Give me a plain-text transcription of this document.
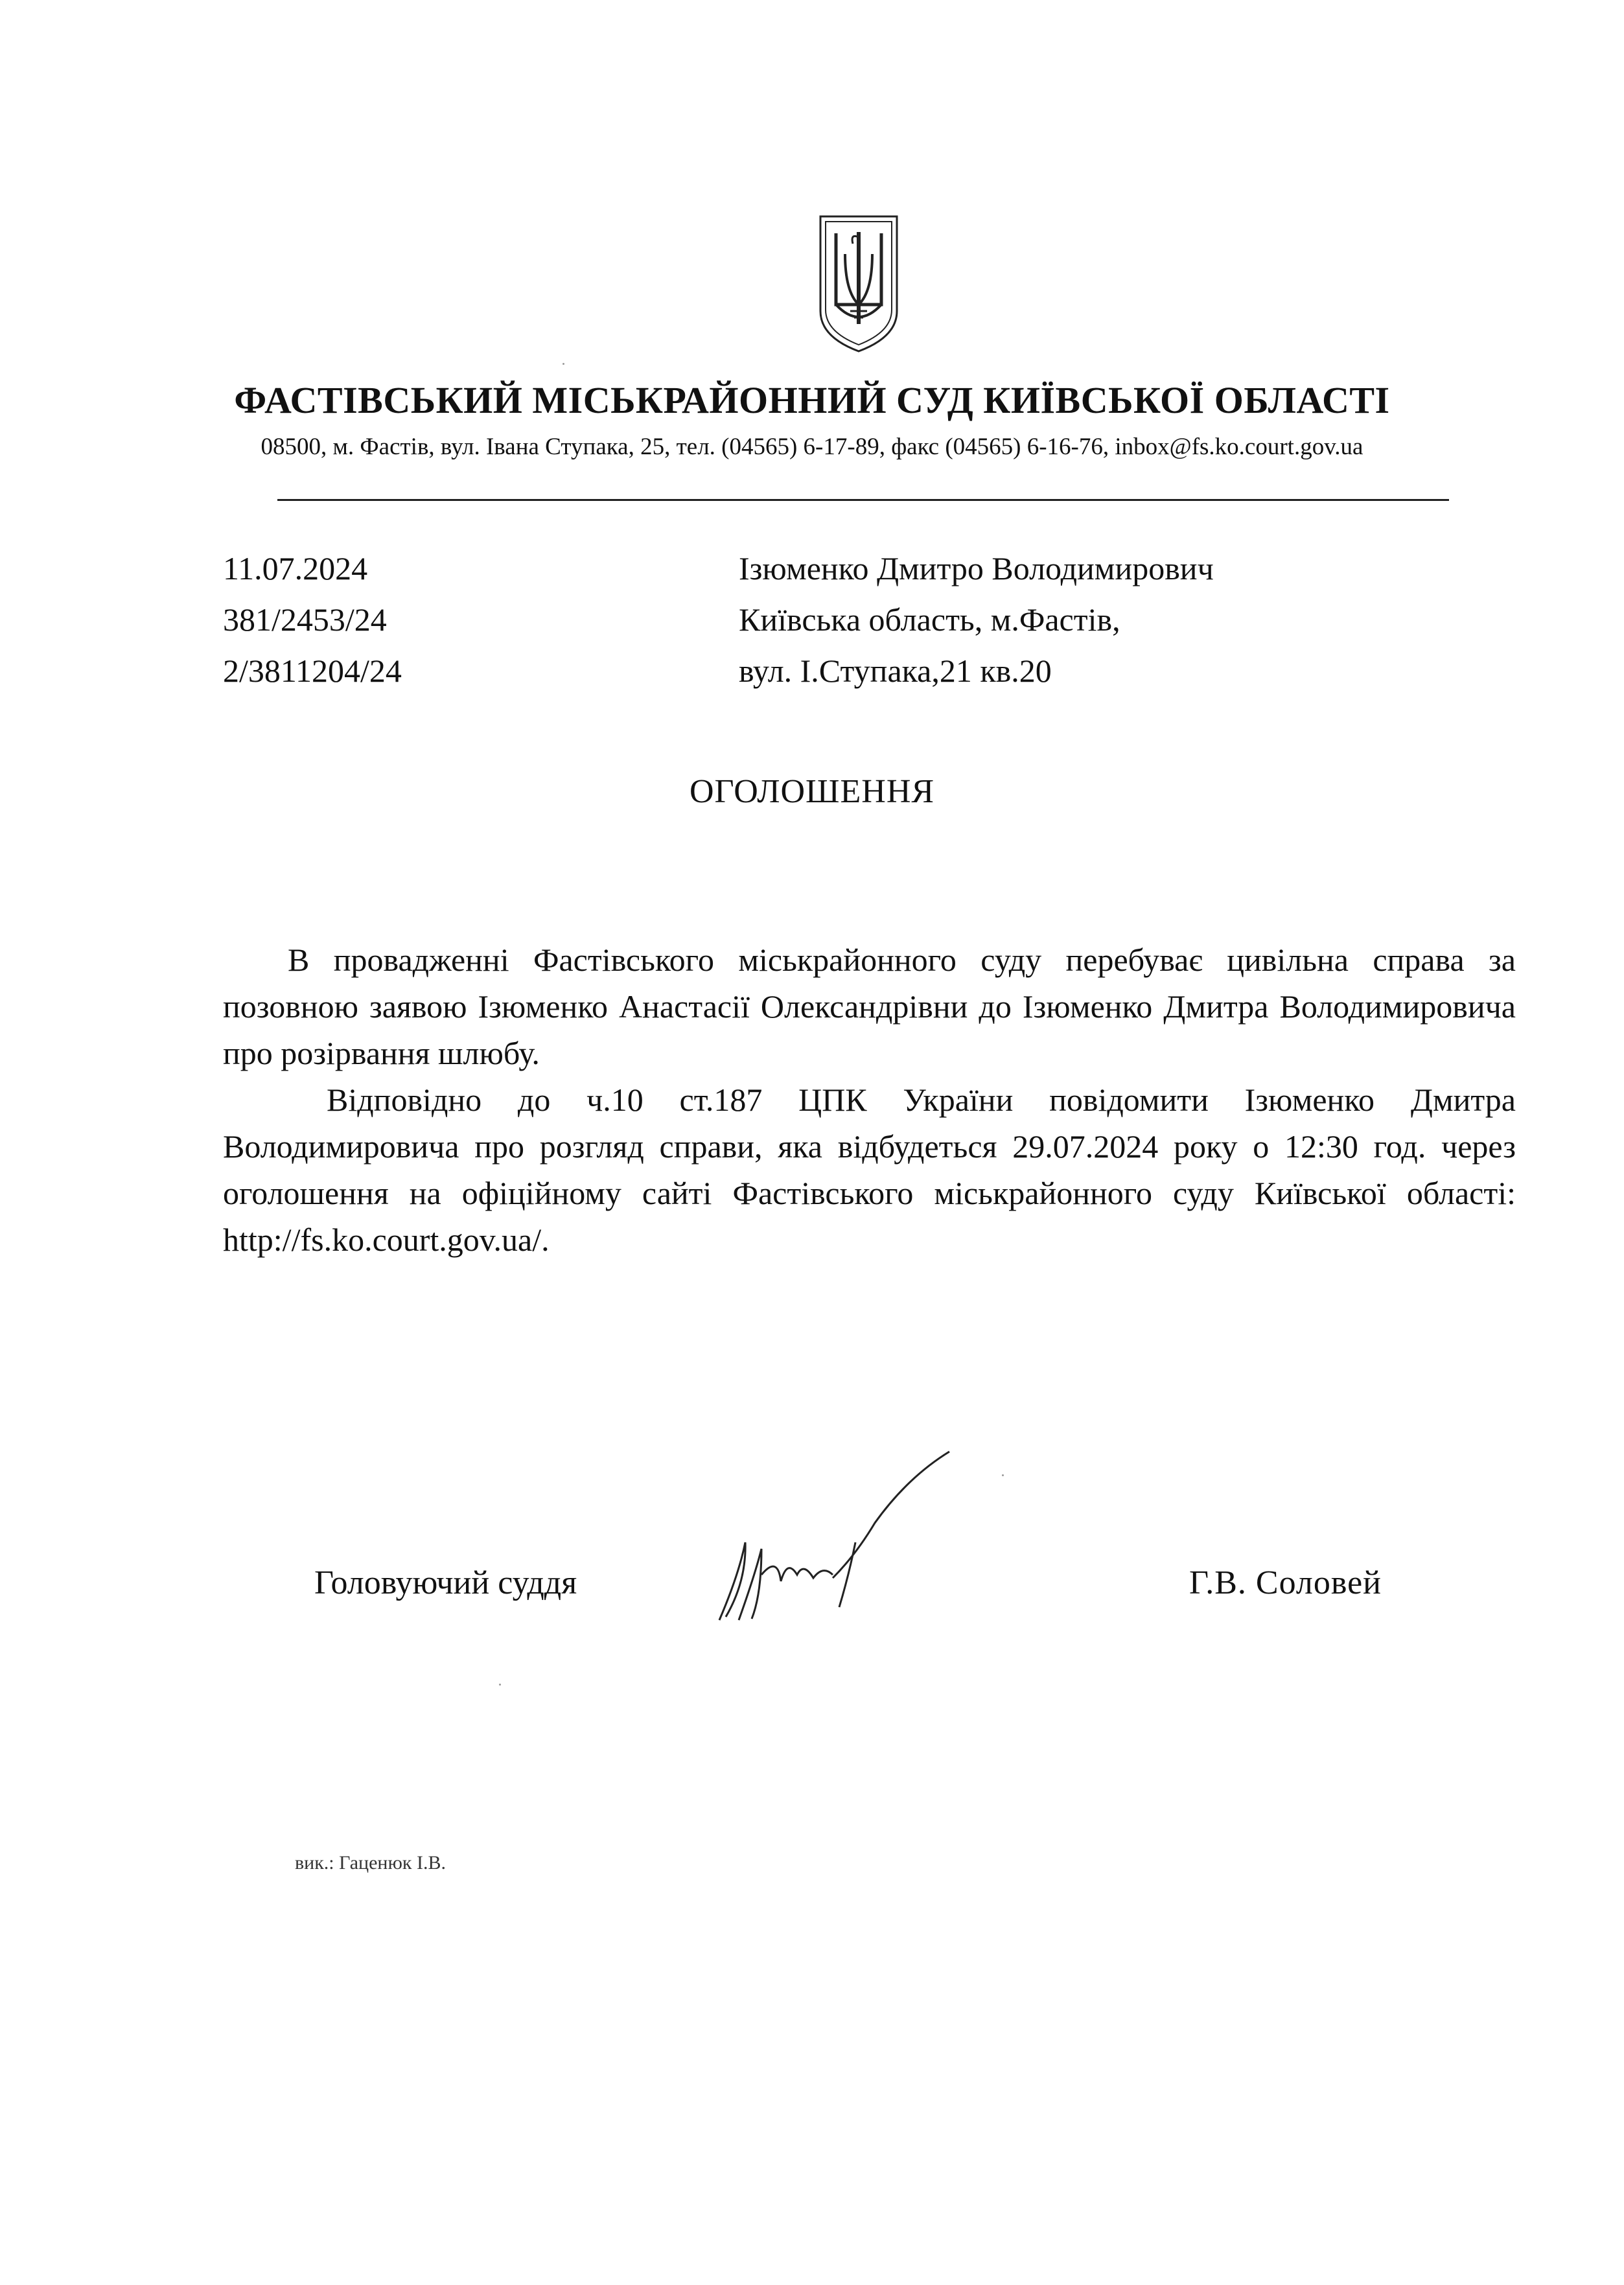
ФАСТІВСЬКИЙ МІСЬКРАЙОННИЙ СУД КИЇВСЬКОЇ ОБЛАСТІ
08500, м. Фастів, вул. Івана Ступака, 25, тел. (04565) 6-17-89, факс (04565) 6-16-76, inbox@fs.ko.court.gov.ua
11.07.2024
381/2453/24
2/3811204/24
Ізюменко Дмитро Володимирович
Київська область, м.Фастів,
вул. І.Ступака,21 кв.20
ОГОЛОШЕННЯ

В провадженні Фастівського міськрайонного суду перебуває цивільна справа за позовною заявою Ізюменко Анастасії Олександрівни до Ізюменко Дмитра Володимировича про розірвання шлюбу.

Відповідно до ч.10 ст.187 ЦПК України повідомити Ізюменко Дмитра Володимировича про розгляд справи, яка відбудеться 29.07.2024 року о 12:30 год. через оголошення на офіційному сайті Фастівського міськрайонного суду Київської області: http://fs.ko.court.gov.ua/.

Головуючий суддя	Г.В. Соловей
вик.: Гаценюк І.В.
